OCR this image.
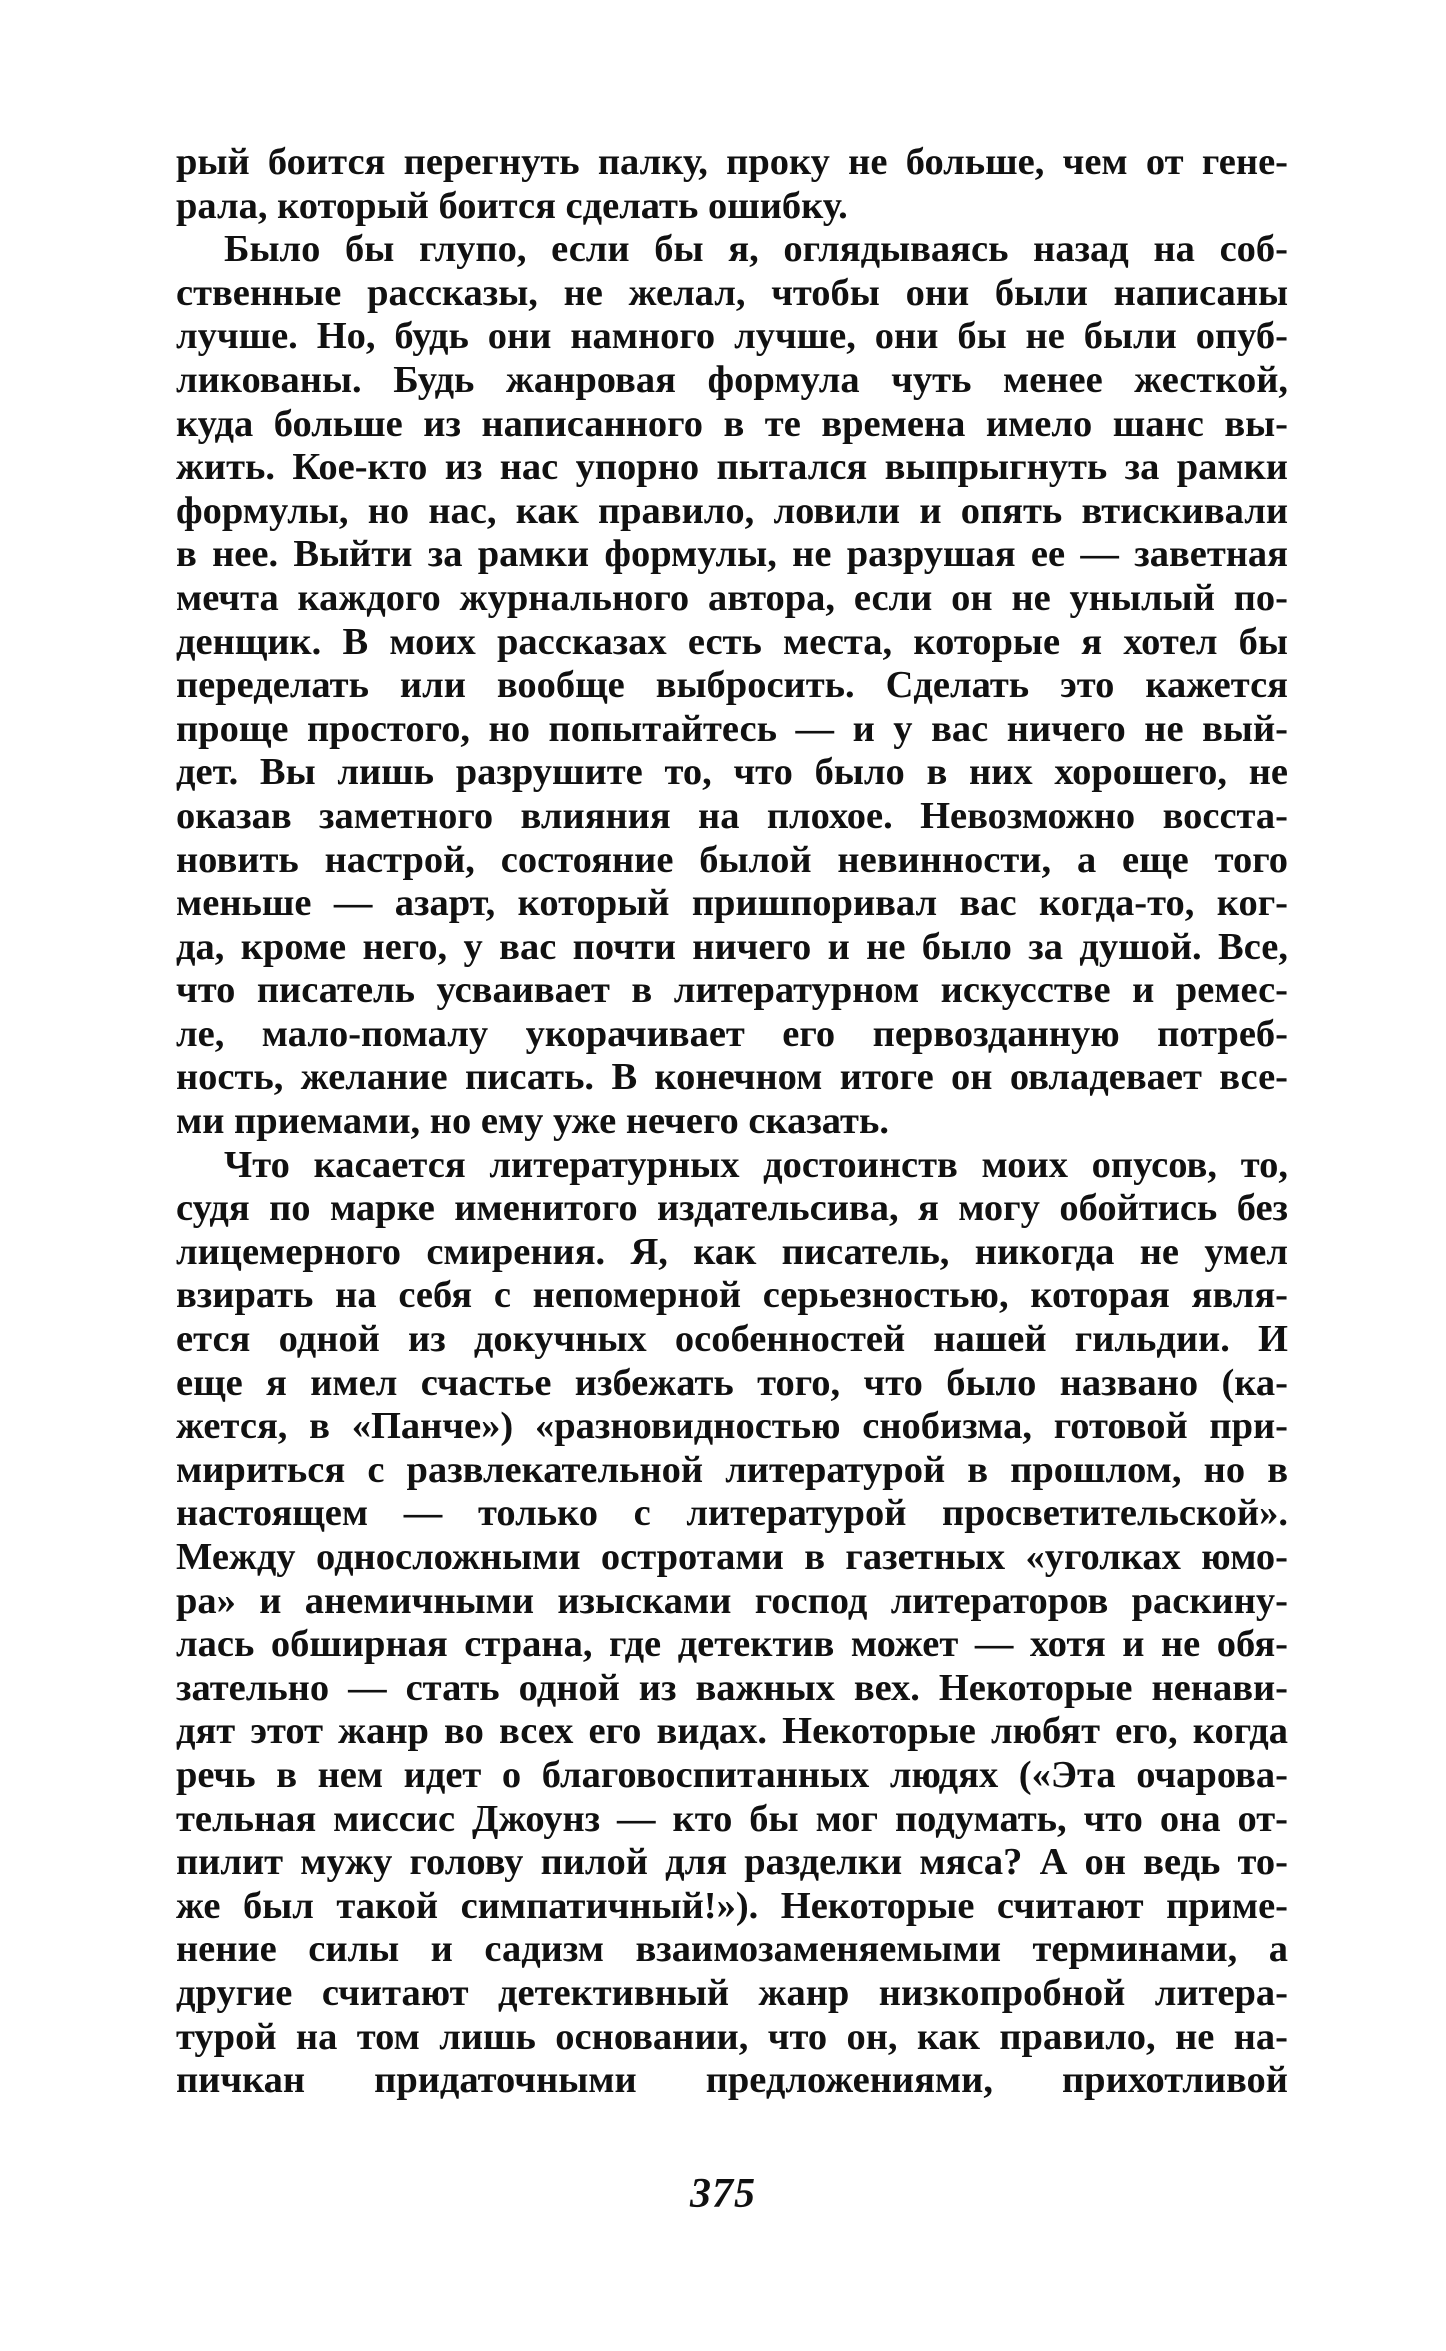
рый боится перегнуть палку, проку не больше, чем от гене-
рала, который боится сделать ошибку.
Было бы глупо, если бы я, оглядываясь назад на соб-
ственные рассказы, не желал, чтобы они были написаны
лучше. Но, будь они намного лучше, они бы не были опуб-
ликованы. Будь жанровая формула чуть менее жесткой,
куда больше из написанного в те времена имело шанс вы-
жить. Кое-кто из нас упорно пытался выпрыгнуть за рамки
формулы, но нас, как правило, ловили и опять втискивали
в нее. Выйти за рамки формулы, не разрушая ее — заветная
мечта каждого журнального автора, если он не унылый по-
денщик. В моих рассказах есть места, которые я хотел бы
переделать или вообще выбросить. Сделать это кажется
проще простого, но попытайтесь — и у вас ничего не вый-
дет. Вы лишь разрушите то, что было в них хорошего, не
оказав заметного влияния на плохое. Невозможно восста-
новить настрой, состояние былой невинности, а еще того
меньше — азарт, который пришпоривал вас когда-то, ког-
да, кроме него, у вас почти ничего и не было за душой. Все,
что писатель усваивает в литературном искусстве и ремес-
ле, мало-помалу укорачивает его первозданную потреб-
ность, желание писать. В конечном итоге он овладевает все-
ми приемами, но ему уже нечего сказать.
Что касается литературных достоинств моих опусов, то,
судя по марке именитого издательсива, я могу обойтись без
лицемерного смирения. Я, как писатель, никогда не умел
взирать на себя с непомерной серьезностью, которая явля-
ется одной из докучных особенностей нашей гильдии. И
еще я имел счастье избежать того, что было названо (ка-
жется, в «Панче») «разновидностью снобизма, готовой при-
мириться с развлекательной литературой в прошлом, но в
настоящем — только с литературой просветительской».
Между односложными остротами в газетных «уголках юмо-
ра» и анемичными изысками господ литераторов раскину-
лась обширная страна, где детектив может — хотя и не обя-
зательно — стать одной из важных вех. Некоторые ненави-
дят этот жанр во всех его видах. Некоторые любят его, когда
речь в нем идет о благовоспитанных людях («Эта очарова-
тельная миссис Джоунз — кто бы мог подумать, что она от-
пилит мужу голову пилой для разделки мяса? А он ведь то-
же был такой симпатичный!»). Некоторые считают приме-
нение силы и садизм взаимозаменяемыми терминами, а
другие считают детективный жанр низкопробной литера-
турой на том лишь основании, что он, как правило, не на-
пичкан придаточными предложениями, прихотливой
375
